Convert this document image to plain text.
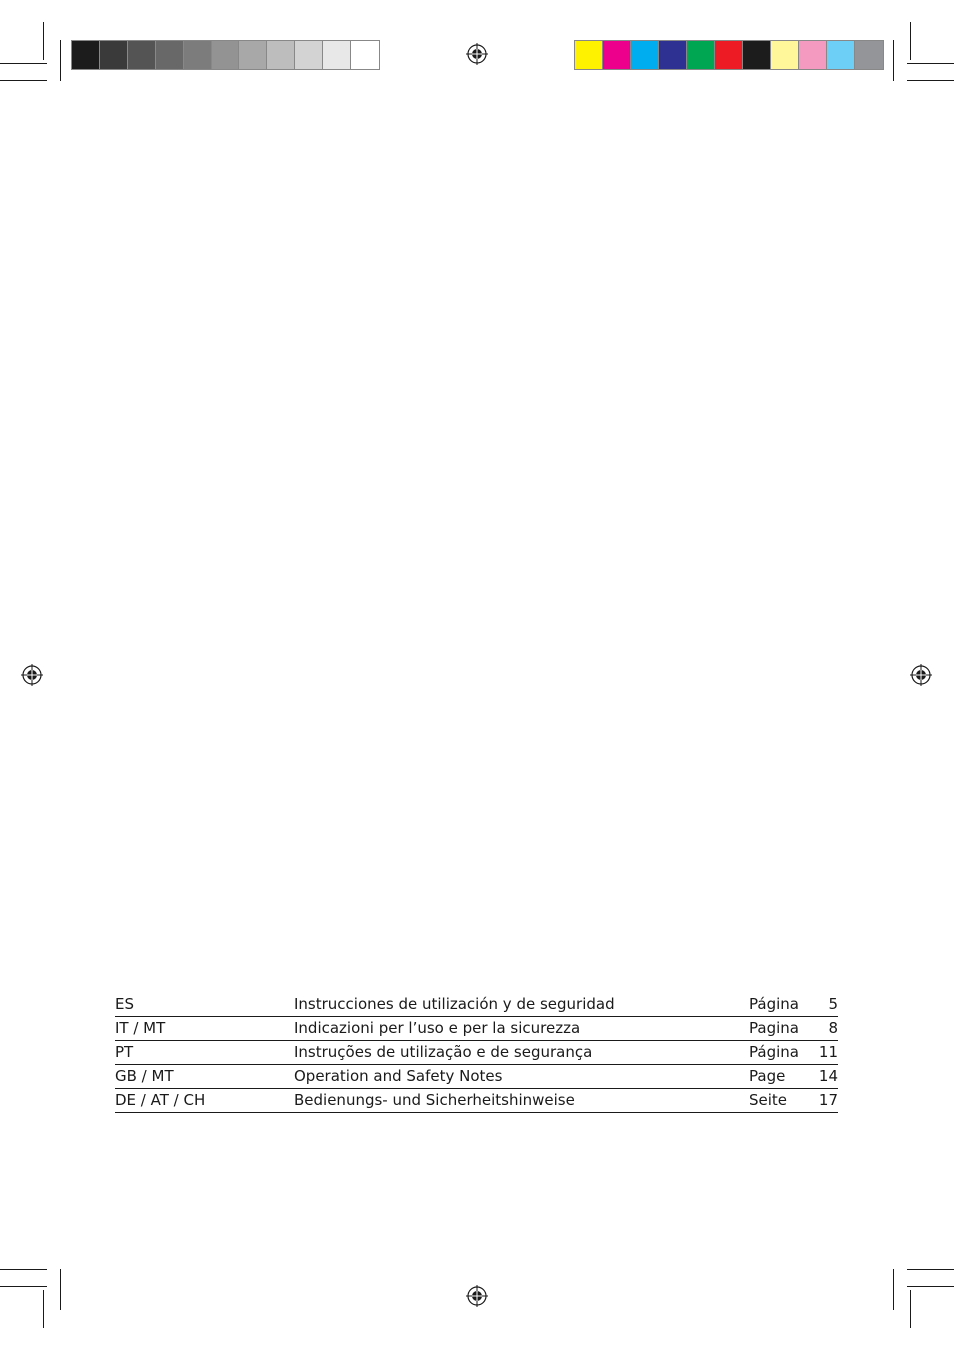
ES	Instrucciones de utilización y de seguridad	Página	5
IT / MT	Indicazioni per l’uso e per la sicurezza	Pagina	8
PT	Instruções de utilização e de segurança	Página	11
GB / MT	Operation and Safety Notes	Page	14
DE / AT / CH	Bedienungs- und Sicherheitshinweise	Seite	17
